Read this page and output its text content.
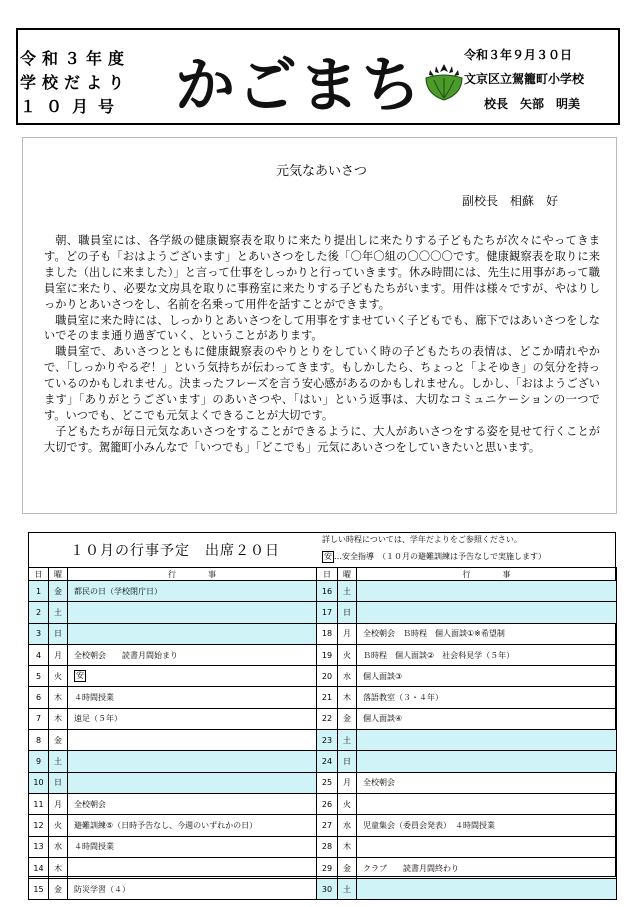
令和３年度
学校だより
１０月号 かごまち	令和３年９月３０日
文京区立駕籠町小学校
校長　矢部　明美
元気なあいさつ
副校長　相蘇　好

朝、職員室には、各学級の健康観察表を取りに来たり提出しに来たりする子どもたちが次々にやってきます。どの子も「おはようございます」とあいさつをした後「〇年〇組の〇〇〇〇です。健康観察表を取りに来ました（出しに来ました）」と言って仕事をしっかりと行っていきます。休み時間には、先生に用事があって職員室に来たり、必要な文房具を取りに事務室に来たりする子どもたちがいます。用件は様々ですが、やはりしっかりとあいさつをし、名前を名乗って用件を話すことができます。

職員室に来た時には、しっかりとあいさつをして用事をすませていく子どもでも、廊下ではあいさつをしないでそのまま通り過ぎていく、ということがあります。

職員室で、あいさつとともに健康観察表のやりとりをしていく時の子どもたちの表情は、どこか晴れやかで、「しっかりやるぞ！」という気持ちが伝わってきます。もしかしたら、ちょっと「よそゆき」の気分を持っているのかもしれません。決まったフレーズを言う安心感があるのかもしれません。しかし、「おはようございます」「ありがとうございます」のあいさつや、「はい」という返事は、大切なコミュニケーションの一つです。いつでも、どこでも元気よくできることが大切です。

子どもたちが毎日元気なあいさつをすることができるように、大人があいさつをする姿を見せて行くことが大切です。駕籠町小みんなで「いつでも」「どこでも」元気にあいさつをしていきたいと思います。

１０月の行事予定　出席２０日
詳しい時程については、学年だよりをご参照ください。
安 …安全指導　（１０月の避難訓練は予告なしで実施します）
日	曜	行　　　　事
1	金	都民の日（学校閉庁日）
2	土	
3	日	
4	月	全校朝会　　読書月間始まり
5	火	安
6	木	４時間授業
7	木	遠足（５年）
8	金	
9	土	
10	日	
11	月	全校朝会
12	火	避難訓練⑤（日時予告なし、今週のいずれかの日）
13	水	４時間授業
14	木	
15	金	防災学習（４）
日	曜	行　　　　事
16	土	
17	日	
18	月	全校朝会　Ｂ時程　個人面談①※希望制
19	火	Ｂ時程　個人面談②　社会科見学（５年）
20	水	個人面談③
21	木	落語教室（３・４年）
22	金	個人面談④
23	土	
24	日	
25	月	全校朝会
26	火	
27	水	児童集会（委員会発表）　４時間授業
28	木	
29	金	クラブ　　読書月間終わり
30	土	
